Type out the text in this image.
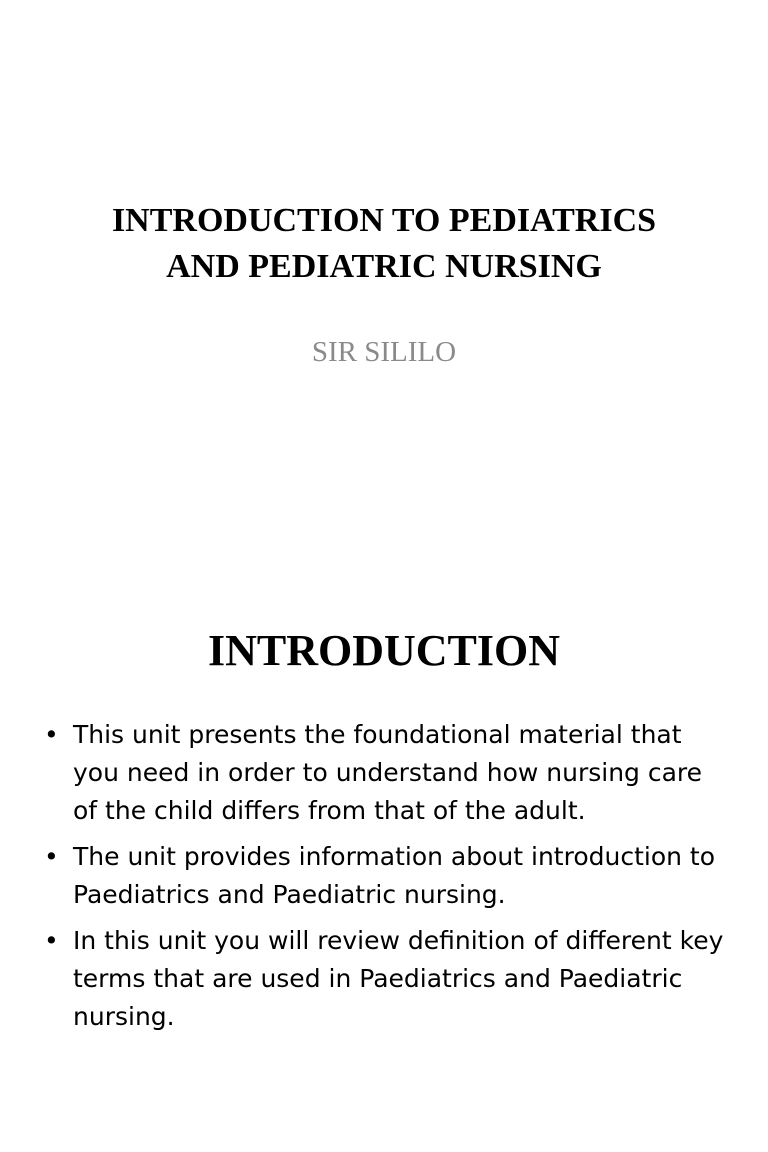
INTRODUCTION TO PEDIATRICS
AND PEDIATRIC NURSING

SIR SILILO

INTRODUCTION
• This unit presents the foundational material that you need in order to understand how nursing care of the child differs from that of the adult.
• The unit provides information about introduction to Paediatrics and Paediatric nursing.
• In this unit you will review definition of different key terms that are used in Paediatrics and Paediatric nursing.
